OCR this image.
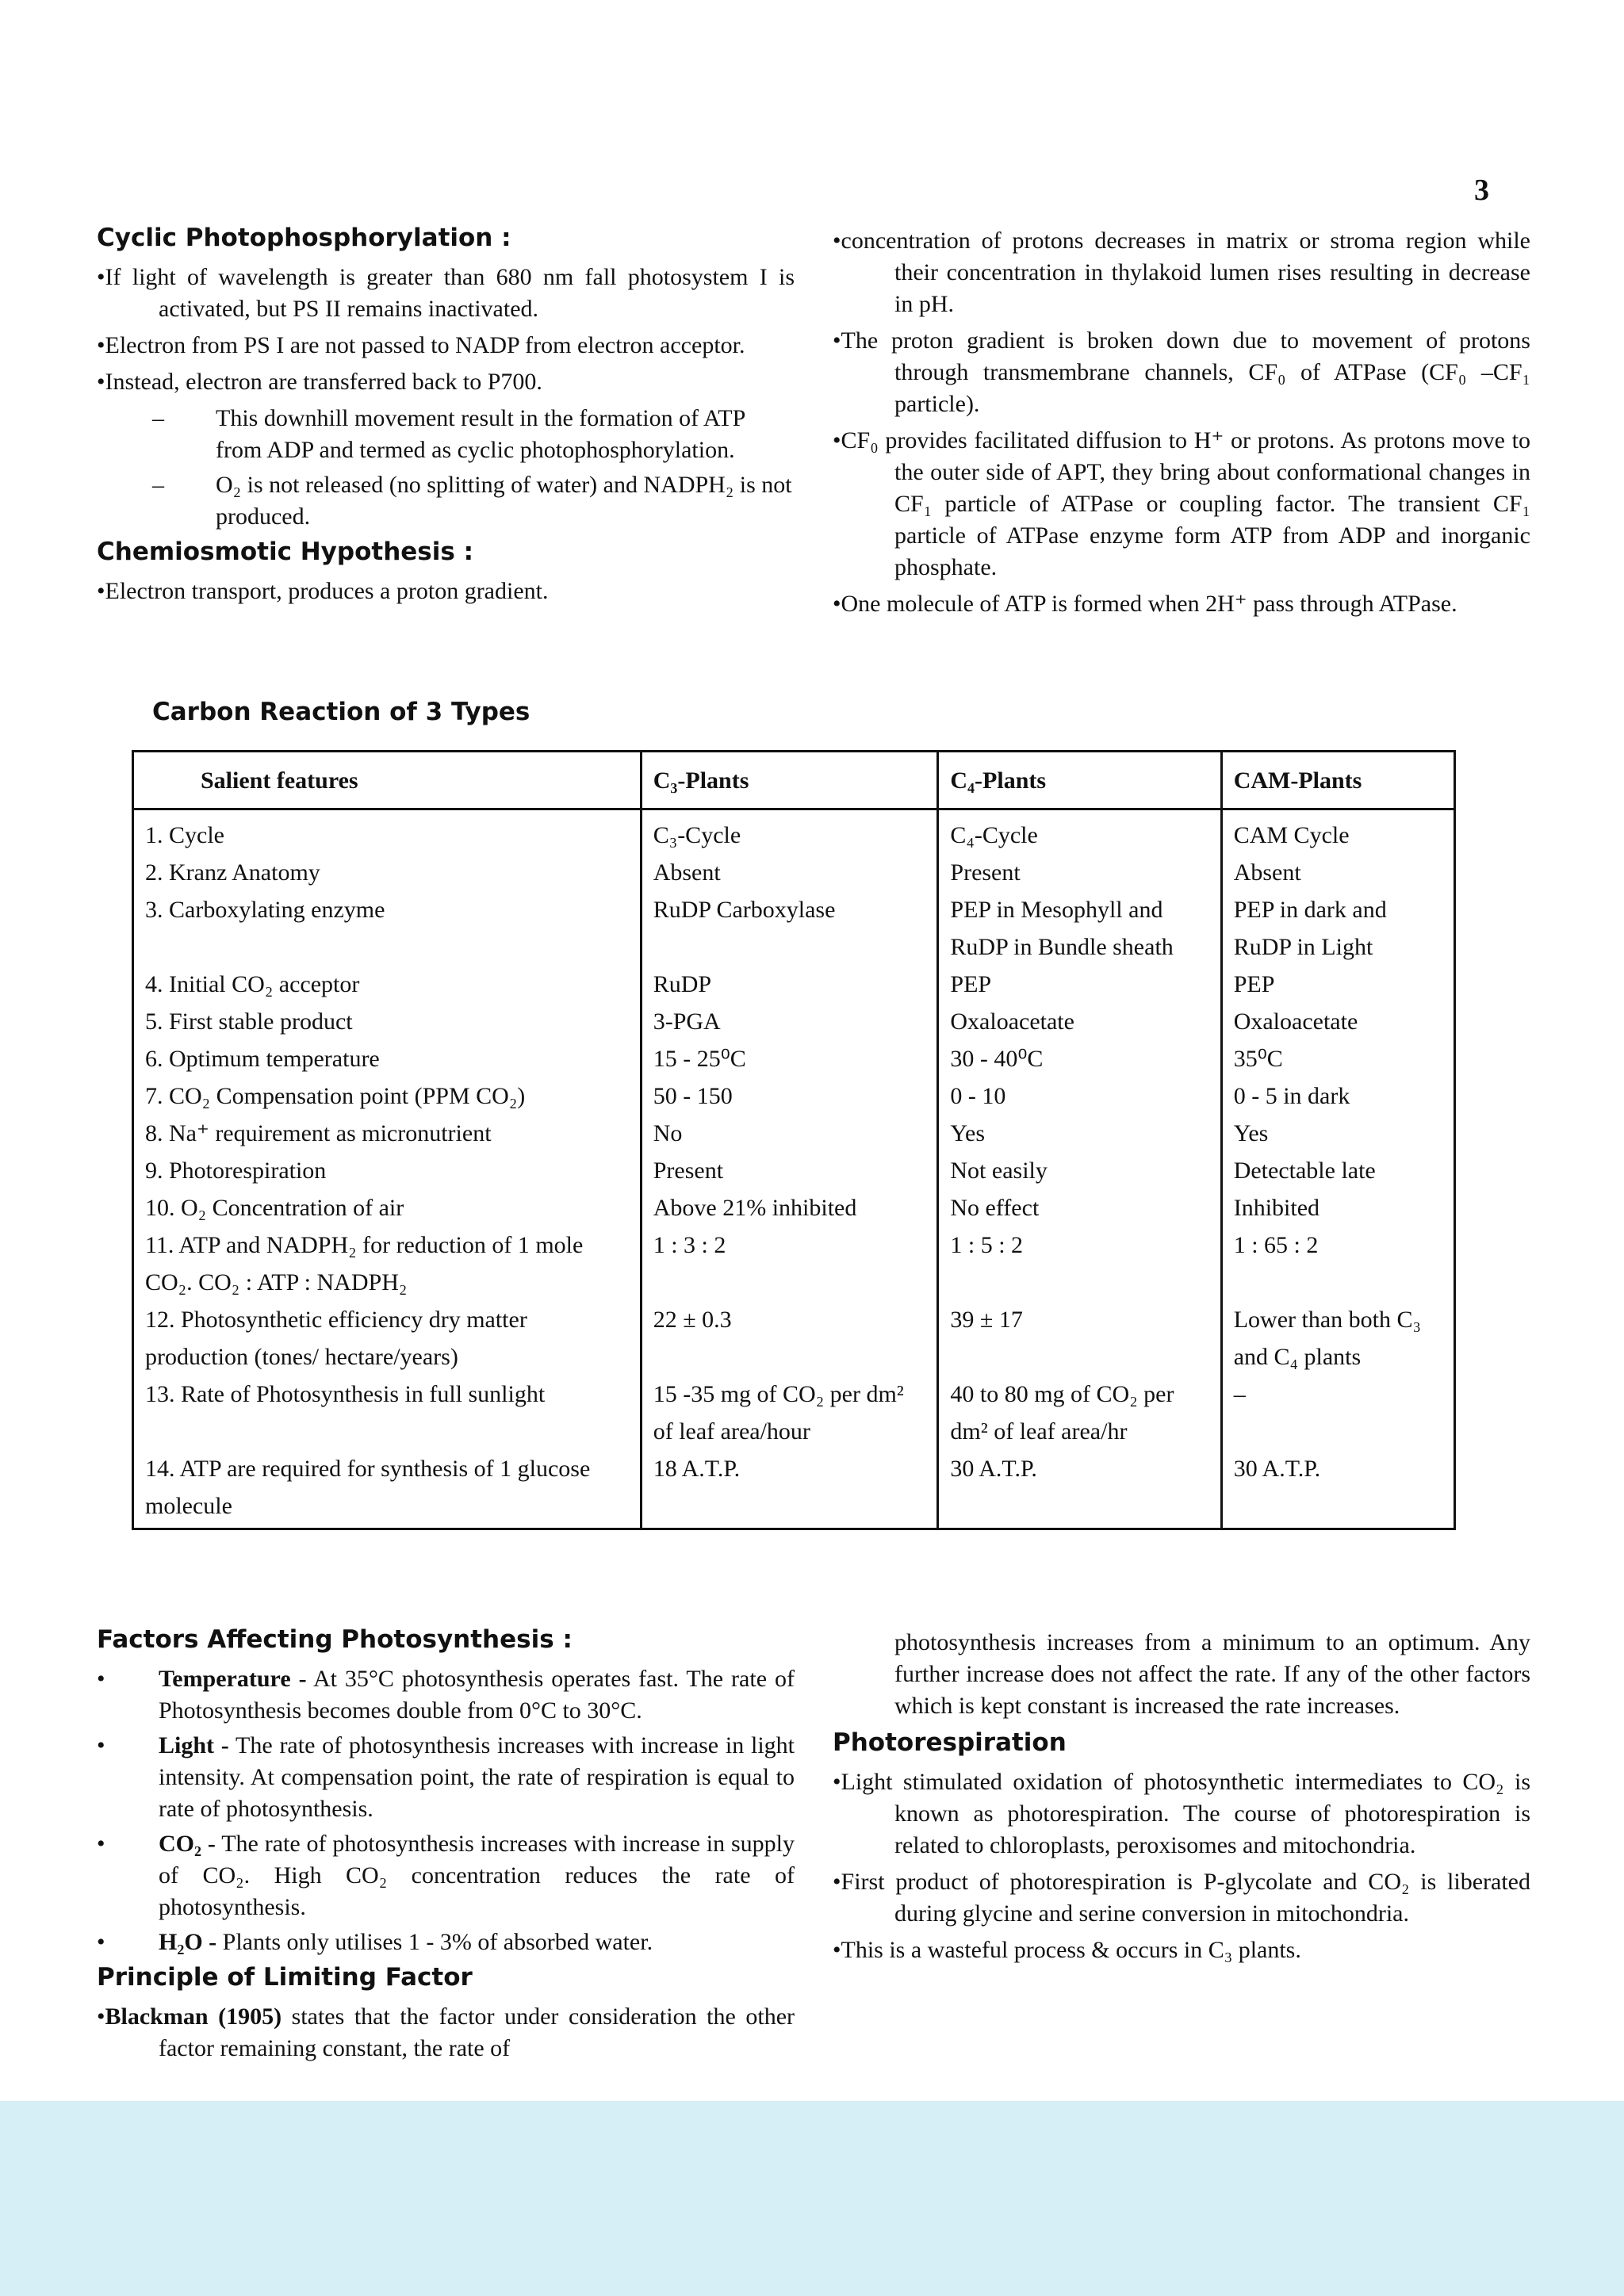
3
Cyclic Photophosphorylation :

•If light of wavelength is greater than 680 nm fall photosystem I is activated, but PS II remains inactivated.

•Electron from PS I are not passed to NADP from electron acceptor.

•Instead, electron are transferred back to P700.

– This downhill movement result in the formation of ATP from ADP and termed as cyclic photophosphorylation.

– O₂ is not released (no splitting of water) and NADPH₂ is not produced.

Chemiosmotic Hypothesis :

•Electron transport, produces a proton gradient.

•concentration of protons decreases in matrix or stroma region while their concentration in thylakoid lumen rises resulting in decrease in pH.

•The proton gradient is broken down due to movement of protons through transmembrane channels, CF₀ of ATPase (CF₀ –CF₁ particle).

•CF₀ provides facilitated diffusion to H⁺ or protons. As protons move to the outer side of APT, they bring about conformational changes in CF₁ particle of ATPase or coupling factor. The transient CF₁ particle of ATPase enzyme form ATP from ADP and inorganic phosphate.

•One molecule of ATP is formed when 2H⁺ pass through ATPase.

Carbon Reaction of 3 Types
Salient features	C₃-Plants	C₄-Plants	CAM-Plants
1. Cycle	C₃-Cycle	C₄-Cycle	CAM Cycle
2. Kranz Anatomy	Absent	Present	Absent
3. Carboxylating enzyme	RuDP Carboxylase	PEP in Mesophyll and RuDP in Bundle sheath	PEP in dark and RuDP in Light
4. Initial CO₂ acceptor	RuDP	PEP	PEP
5. First stable product	3-PGA	Oxaloacetate	Oxaloacetate
6. Optimum temperature	15 - 25⁰C	30 - 40⁰C	35⁰C
7. CO₂ Compensation point (PPM CO₂)	50 - 150	0 - 10	0 - 5 in dark
8. Na⁺ requirement as micronutrient	No	Yes	Yes
9. Photorespiration	Present	Not easily	Detectable late
10. O₂ Concentration of air	Above 21% inhibited	No effect	Inhibited
11. ATP and NADPH₂ for reduction of 1 mole CO₂. CO₂ : ATP : NADPH₂	1 : 3 : 2	1 : 5 : 2	1 : 65 : 2
12. Photosynthetic efficiency dry matter production (tones/ hectare/years)	22 ± 0.3	39 ± 17	Lower than both C₃ and C₄ plants
13. Rate of Photosynthesis in full sunlight	15 -35 mg of CO₂ per dm² of leaf area/hour	40 to 80 mg of CO₂ per dm² of leaf area/hr	–
14. ATP are required for synthesis of 1 glucose molecule	18 A.T.P.	30 A.T.P.	30 A.T.P.
Factors Affecting Photosynthesis :

• Temperature - At 35°C photosynthesis operates fast. The rate of Photosynthesis becomes double from 0°C to 30°C.

• Light - The rate of photosynthesis increases with increase in light intensity. At compensation point, the rate of respiration is equal to rate of photosynthesis.

• CO₂ - The rate of photosynthesis increases with increase in supply of CO₂. High CO₂ concentration reduces the rate of photosynthesis.

• H₂O - Plants only utilises 1 - 3% of absorbed water.

Principle of Limiting Factor

•Blackman (1905) states that the factor under consideration the other factor remaining constant, the rate of

photosynthesis increases from a minimum to an optimum. Any further increase does not affect the rate. If any of the other factors which is kept constant is increased the rate increases.

Photorespiration

•Light stimulated oxidation of photosynthetic intermediates to CO₂ is known as photorespiration. The course of photorespiration is related to chloroplasts, peroxisomes and mitochondria.

•First product of photorespiration is P-glycolate and CO₂ is liberated during glycine and serine conversion in mitochondria.

•This is a wasteful process & occurs in C₃ plants.
